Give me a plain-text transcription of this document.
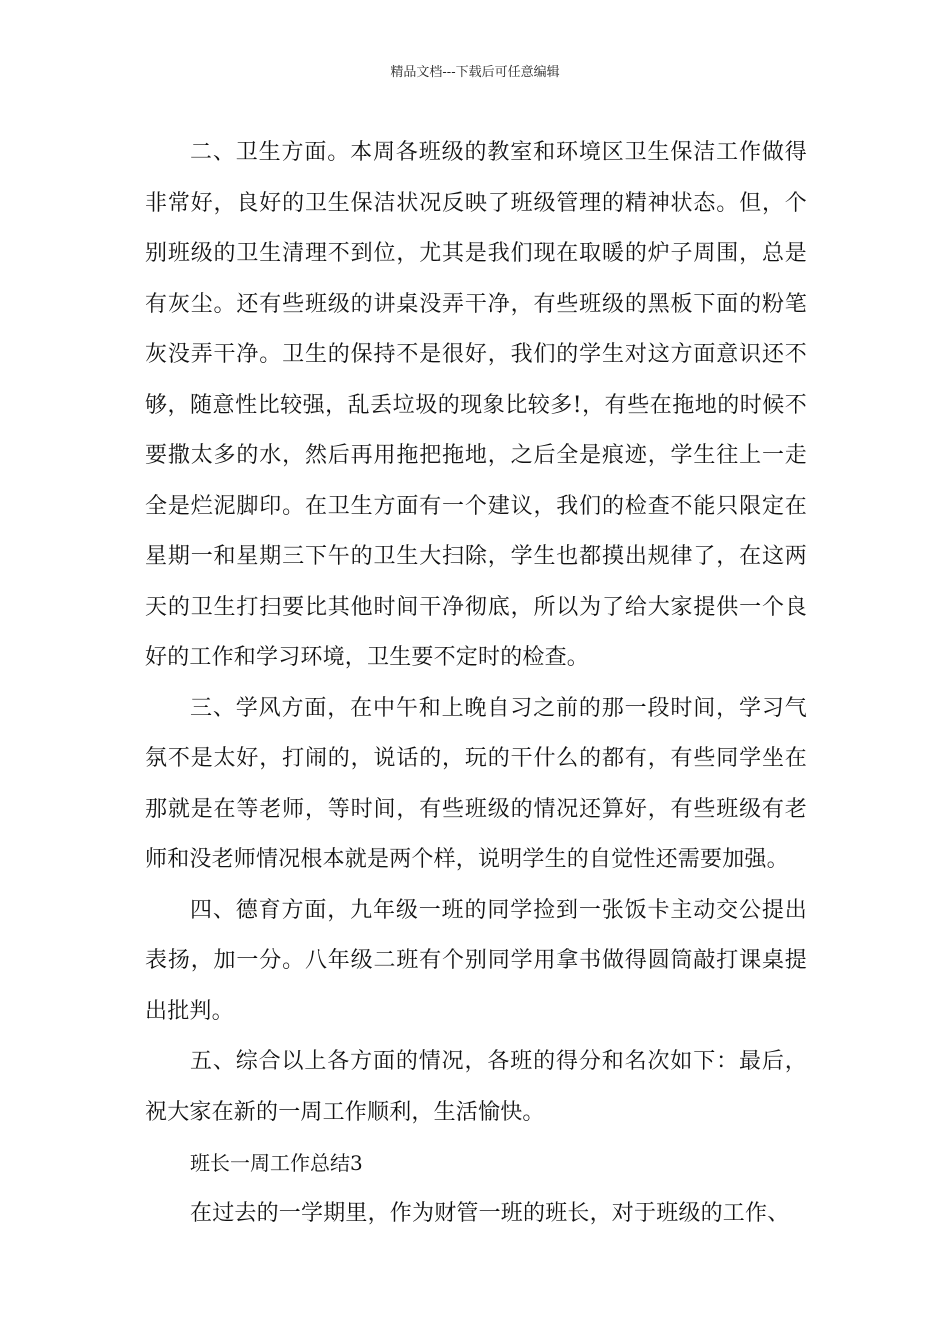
精品文档---下载后可任意编辑

二、卫生方面。本周各班级的教室和环境区卫生保洁工作做得非常好，良好的卫生保洁状况反映了班级管理的精神状态。但，个别班级的卫生清理不到位，尤其是我们现在取暖的炉子周围，总是有灰尘。还有些班级的讲桌没弄干净，有些班级的黑板下面的粉笔灰没弄干净。卫生的保持不是很好，我们的学生对这方面意识还不够，随意性比较强，乱丢垃圾的现象比较多!，有些在拖地的时候不要撒太多的水，然后再用拖把拖地，之后全是痕迹，学生往上一走全是烂泥脚印。在卫生方面有一个建议，我们的检查不能只限定在星期一和星期三下午的卫生大扫除，学生也都摸出规律了，在这两天的卫生打扫要比其他时间干净彻底，所以为了给大家提供一个良好的工作和学习环境，卫生要不定时的检查。

三、学风方面，在中午和上晚自习之前的那一段时间，学习气氛不是太好，打闹的，说话的，玩的干什么的都有，有些同学坐在那就是在等老师，等时间，有些班级的情况还算好，有些班级有老师和没老师情况根本就是两个样，说明学生的自觉性还需要加强。

四、德育方面，九年级一班的同学捡到一张饭卡主动交公提出表扬，加一分。八年级二班有个别同学用拿书做得圆筒敲打课桌提出批判。

五、综合以上各方面的情况，各班的得分和名次如下：最后，祝大家在新的一周工作顺利，生活愉快。

班长一周工作总结3

在过去的一学期里，作为财管一班的班长，对于班级的工作、
